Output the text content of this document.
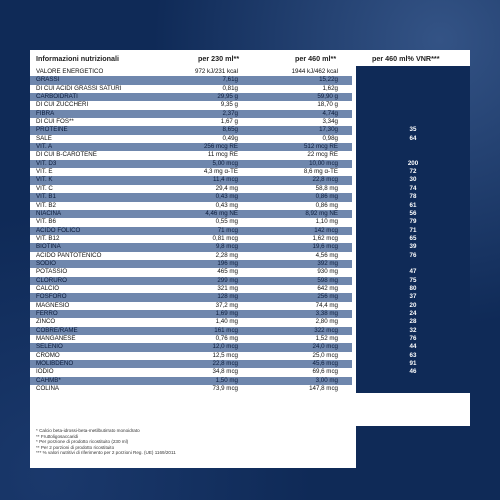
Informazioni nutrizionali	per 230 ml**	per 460 ml**	per 460 ml% VNR***
VALORE ENERGETICO	972 kJ/231 kcal	1944 kJ/462 kcal
GRASSI	7,61g	15,22g
DI CUI ACIDI GRASSI SATURI	0,81g	1,62g
CARBOIDRATI	29,95 g	59,90 g
DI CUI ZUCCHERI	9,35 g	18,70 g
FIBRA	2,37g	4,74g
DI CUI FOS**	1,67 g	3,34g
PROTEINE	8,65g	17,30g	35
SALE	0,49g	0,98g	64
VIT. A	256 mcg RE	512 mcg RE
DI CUI B-CAROTENE	11 mcg RE	22 mcg RE
VIT. D3	5,00 mcg	10,00 mcg	200
VIT. E	4,3 mg α-TE	8,6 mg α-TE	72
VIT. K	11,4 mcg	22,8 mcg	30
VIT. C	29,4 mg	58,8 mg	74
VIT. B1	0,43 mg	0,86 mg	78
VIT. B2	0,43 mg	0,86 mg	61
NIACINA	4,46 mg NE	8,92 mg NE	56
VIT. B6	0,55 mg	1,10 mg	79
ACIDO FOLICO	71 mcg	142 mcg	71
VIT. B12	0,81 mcg	1,62 mcg	65
BIOTINA	9,8 mcg	19,6 mcg	39
ACIDO PANTOTENICO	2,28 mg	4,56 mg	76
SODIO	196 mg	392 mg
POTASSIO	465 mg	930 mg	47
CLORURO	299 mg	598 mg	75
CALCIO	321 mg	642 mg	80
FOSFORO	128 mg	256 mg	37
MAGNESIO	37,2 mg	74,4 mg	20
FERRO	1,69 mg	3,38 mg	24
ZINCO	1,40 mg	2,80 mg	28
COBRE/RAME	161 mcg	322 mcg	32
MANGANESE	0,76 mg	1,52 mg	76
SELENIO	12,0 mcg	24,0 mcg	44
CROMO	12,5 mcg	25,0 mcg	63
MOLIBDENO	22,8 mcg	45,6 mcg	91
IODIO	34,8 mcg	69,6 mcg	46
CAHMB*	1,50 mg	3,00 mg
COLINA	73,9 mcg	147,8 mcg
* Calcio beta-idrossi-beta-metilbutirrato monoidrato
** Fruttoligosaccaridi
* Per porzione di prodotto ricostituito (230 ml)
** Per 2 porzioni di prodotto ricostituito
*** % valori nutritivi di riferimento per 2 porzioni Reg. (UE) 1169/2011
